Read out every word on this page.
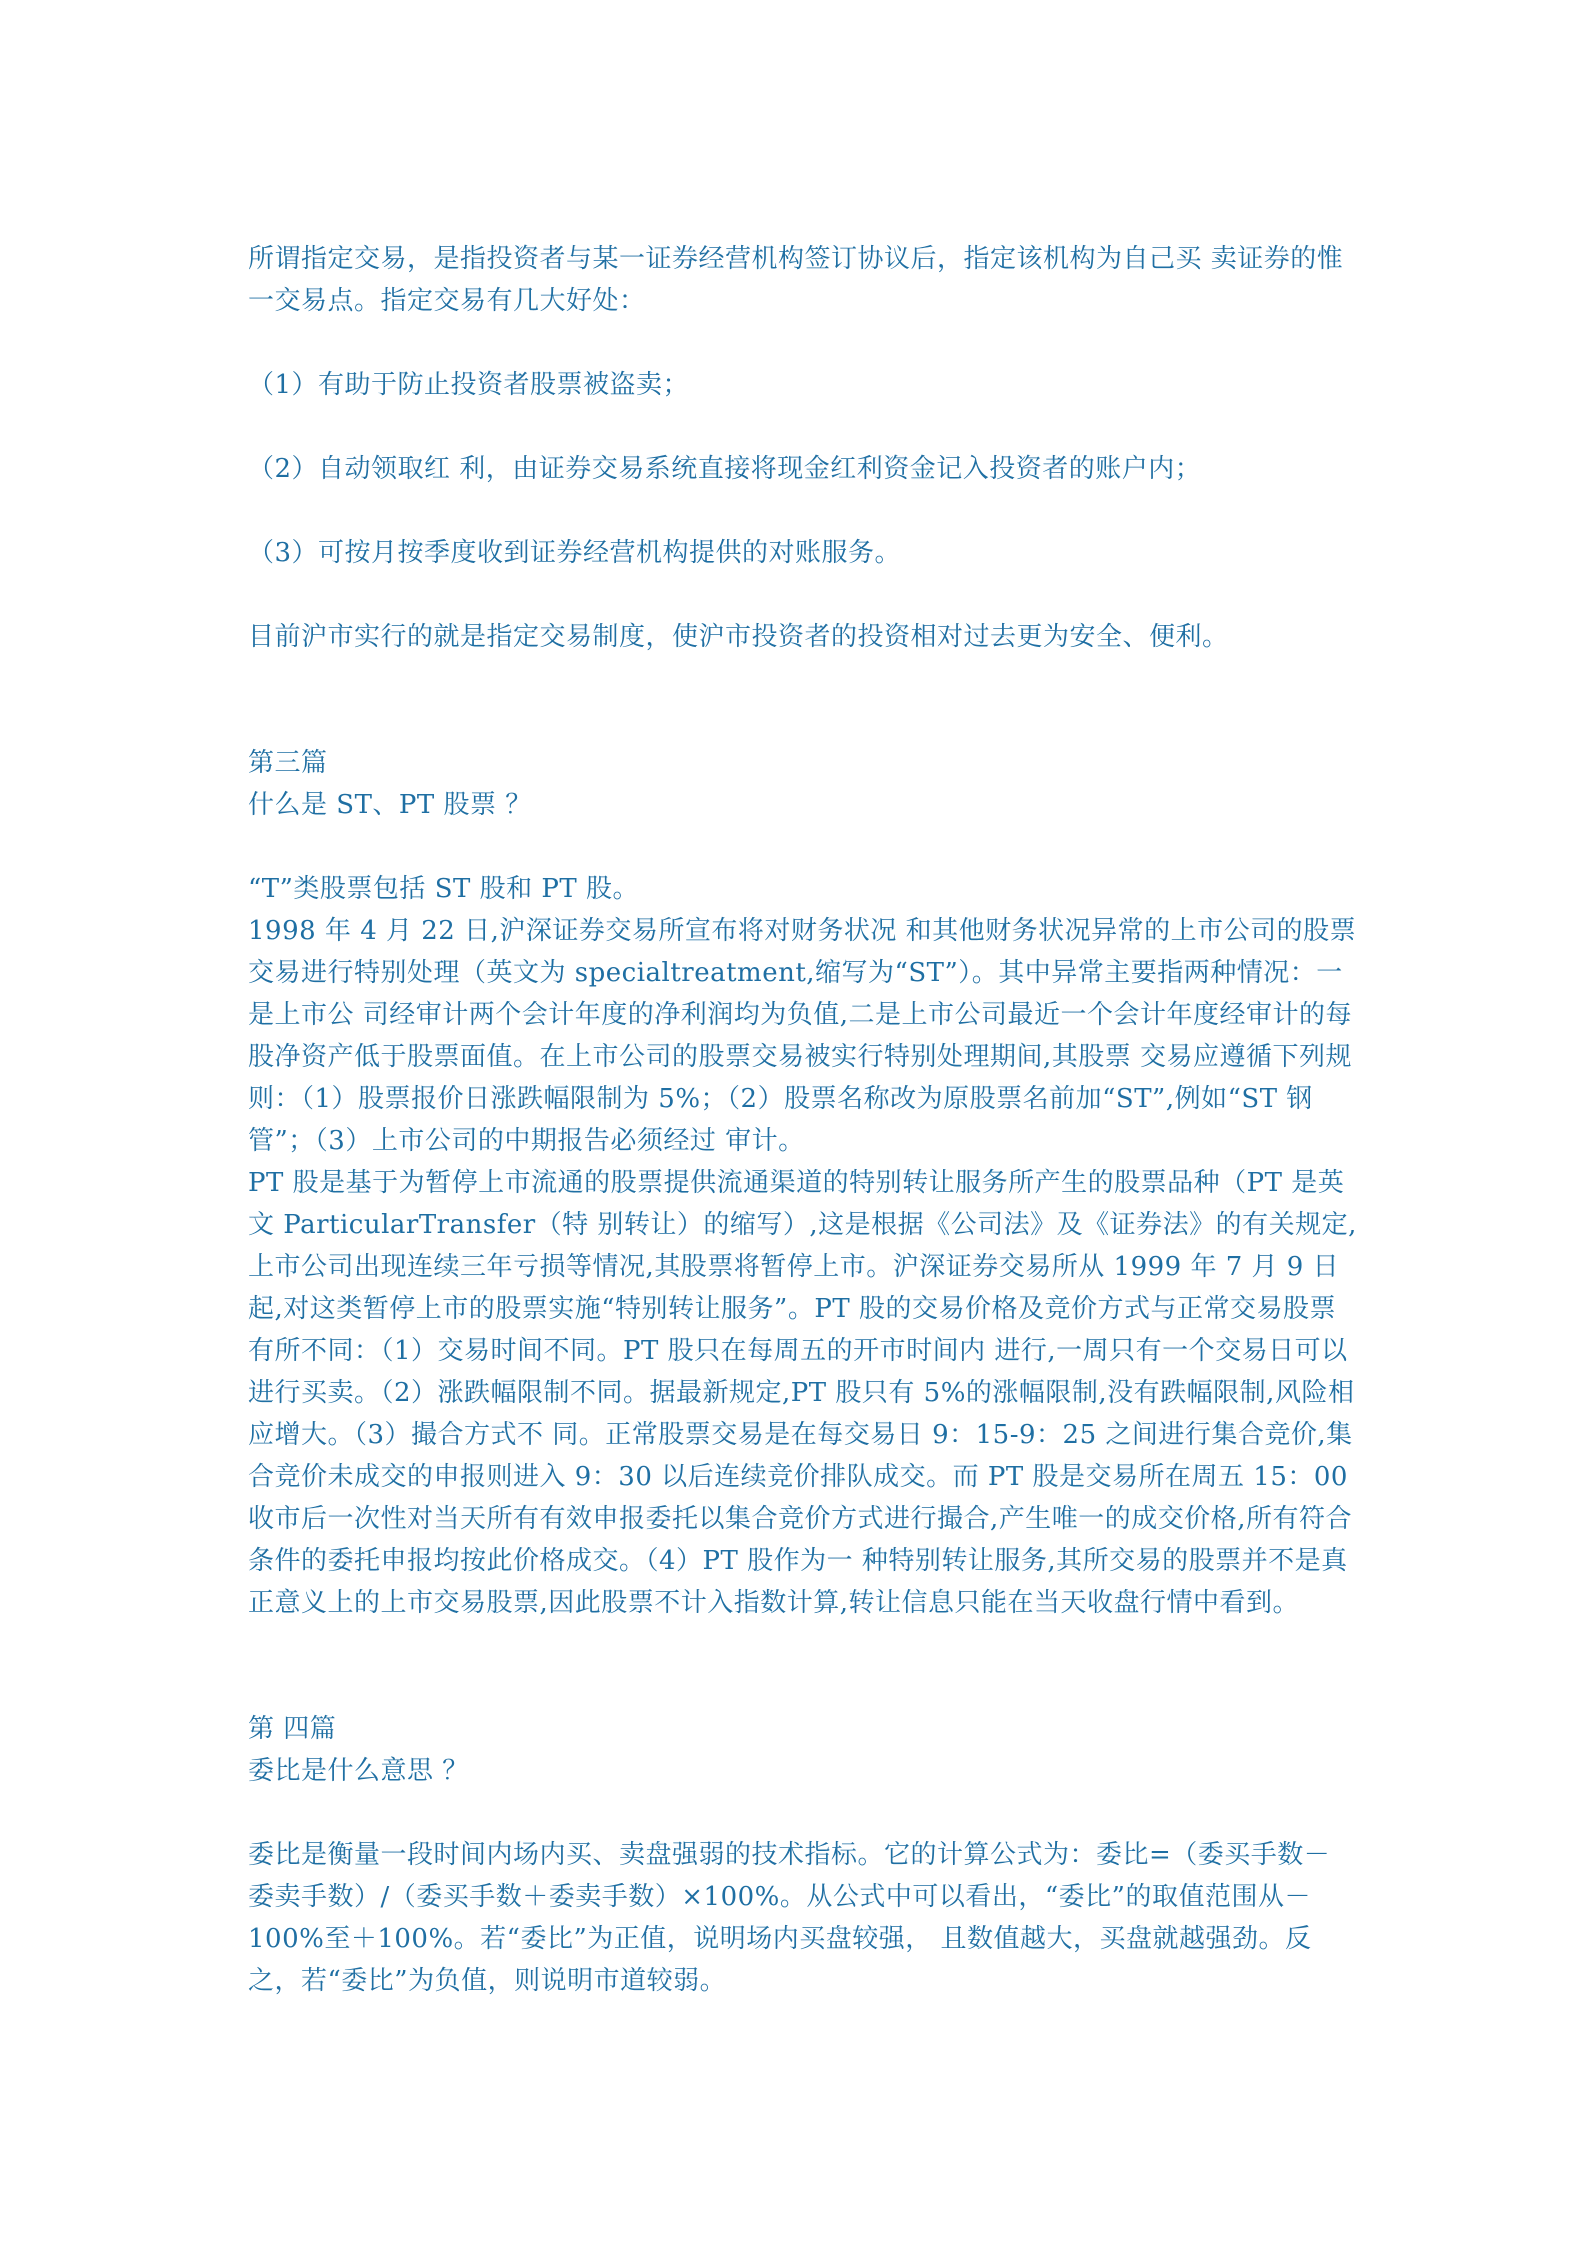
所谓指定交易，是指投资者与某一证券经营机构签订协议后，指定该机构为自己买 卖证券的惟一交易点。指定交易有几大好处：

（1）有助于防止投资者股票被盗卖；

（2）自动领取红 利，由证券交易系统直接将现金红利资金记入投资者的账户内；

（3）可按月按季度收到证券经营机构提供的对账服务。

目前沪市实行的就是指定交易制度，使沪市投资者的投资相对过去更为安全、便利。

第三篇

什么是 ST、PT 股票 ？

“T”类股票包括 ST 股和 PT 股。

1998 年 4 月 22 日,沪深证券交易所宣布将对财务状况 和其他财务状况异常的上市公司的股票交易进行特别处理（英文为 specialtreatment,缩写为“ST”）。其中异常主要指两种情况：一是上市公 司经审计两个会计年度的净利润均为负值,二是上市公司最近一个会计年度经审计的每股净资产低于股票面值。在上市公司的股票交易被实行特别处理期间,其股票 交易应遵循下列规则：（1）股票报价日涨跌幅限制为 5%；（2）股票名称改为原股票名前加“ST”,例如“ST 钢管”；（3）上市公司的中期报告必须经过 审计。

PT 股是基于为暂停上市流通的股票提供流通渠道的特别转让服务所产生的股票品种（PT 是英文 ParticularTransfer（特 别转让）的缩写）,这是根据《公司法》及《证券法》的有关规定,上市公司出现连续三年亏损等情况,其股票将暂停上市。沪深证券交易所从 1999 年 7 月 9 日 起,对这类暂停上市的股票实施“特别转让服务”。PT 股的交易价格及竞价方式与正常交易股票有所不同：（1）交易时间不同。PT 股只在每周五的开市时间内 进行,一周只有一个交易日可以进行买卖。（2）涨跌幅限制不同。据最新规定,PT 股只有 5%的涨幅限制,没有跌幅限制,风险相应增大。（3）撮合方式不 同。正常股票交易是在每交易日 9：15-9：25 之间进行集合竞价,集合竞价未成交的申报则进入 9：30 以后连续竞价排队成交。而 PT 股是交易所在周五 15：00 收市后一次性对当天所有有效申报委托以集合竞价方式进行撮合,产生唯一的成交价格,所有符合条件的委托申报均按此价格成交。（4）PT 股作为一 种特别转让服务,其所交易的股票并不是真正意义上的上市交易股票,因此股票不计入指数计算,转让信息只能在当天收盘行情中看到。

第 四篇

委比是什么意思 ？

委比是衡量一段时间内场内买、卖盘强弱的技术指标。它的计算公式为：委比=（委买手数－ 委卖手数）/（委买手数＋委卖手数）×100%。从公式中可以看出，“委比”的取值范围从－100%至＋100%。若“委比”为正值，说明场内买盘较强， 且数值越大，买盘就越强劲。反之，若“委比”为负值，则说明市道较弱。
